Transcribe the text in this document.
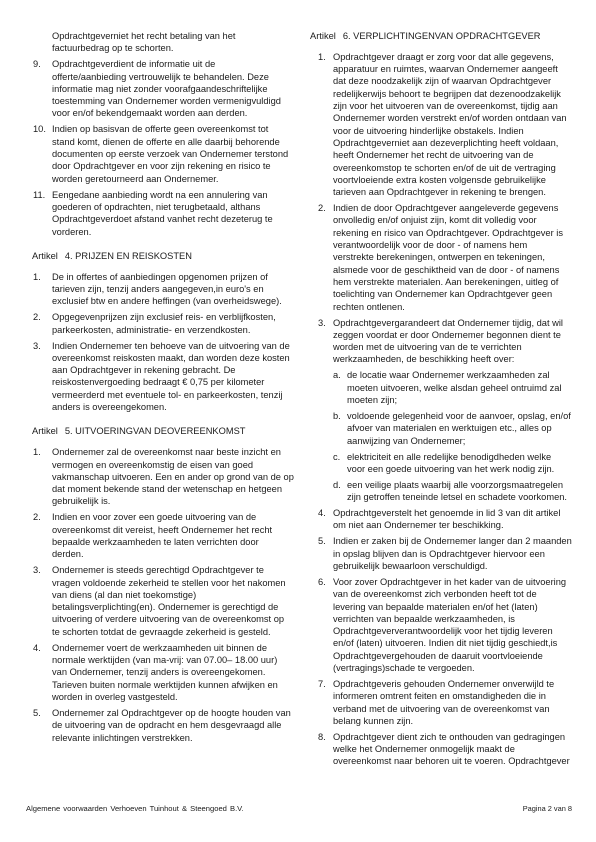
Opdrachtgeverniet het recht betaling van het
factuurbedrag op te schorten.
9.	Opdrachtgeverdient de informatie uit de
offerte/aanbieding vertrouwelijk te behandelen. Deze
informatie mag niet zonder voorafgaandeschriftelijke
toestemming van Ondernemer worden vermenigvuldigd
voor en/of bekendgemaakt worden aan derden.
10. Indien op basisvan de offerte geen overeenkomst tot
stand komt, dienen de offerte en alle daarbij behorende
documenten op eerste verzoek van Ondernemer terstond
door Opdrachtgever en voor zijn rekening en risico te
worden geretourneerd aan Ondernemer.
11. Eengedane aanbieding wordt na een annulering van
goederen of opdrachten, niet terugbetaald, althans
Opdrachtgeverdoet afstand vanhet recht dezeterug te
vorderen.
Artikel 4. PRIJZEN EN REISKOSTEN
1.	De in offertes of aanbiedingen opgenomen prijzen of
tarieven zijn, tenzij anders aangegeven,in euro's en
exclusief btw en andere heffingen (van overheidswege).
2.	Opgegevenprijzen zijn exclusief reis- en verblijfkosten,
parkeerkosten, administratie- en verzendkosten.
3.	Indien Ondernemer ten behoeve van de uitvoering van de
overeenkomst reiskosten maakt, dan worden deze kosten
aan Opdrachtgever in rekening gebracht. De
reiskostenvergoeding bedraagt € 0,75 per kilometer
vermeerderd met eventuele tol- en parkeerkosten, tenzij
anders is overeengekomen.
Artikel 5. UITVOERINGVAN DEOVEREENKOMST
1.	Ondernemer zal de overeenkomst naar beste inzicht en
vermogen en overeenkomstig de eisen van goed
vakmanschap uitvoeren. Een en ander op grond van de op
dat moment bekende stand der wetenschap en hetgeen
gebruikelijk is.
2.	Indien en voor zover een goede uitvoering van de
overeenkomst dit vereist, heeft Ondernemer het recht
bepaalde werkzaamheden te laten verrichten door
derden.
3.	Ondernemer is steeds gerechtigd Opdrachtgever te
vragen voldoende zekerheid te stellen voor het nakomen
van diens (al dan niet toekomstige)
betalingsverplichting(en). Ondernemer is gerechtigd de
uitvoering of verdere uitvoering van de overeenkomst op
te schorten totdat de gevraagde zekerheid is gesteld.
4.	Ondernemer voert de werkzaamheden uit binnen de
normale werktijden (van ma-vrij: van 07.00– 18.00 uur)
van Ondernemer, tenzij anders is overeengekomen.
Tarieven buiten normale werktijden kunnen afwijken en
worden in overleg vastgesteld.
5.	Ondernemer zal Opdrachtgever op de hoogte houden van
de uitvoering van de opdracht en hem desgevraagd alle
relevante inlichtingen verstrekken.
Artikel 6. VERPLICHTINGENVAN OPDRACHTGEVER
1. Opdrachtgever draagt er zorg voor dat alle gegevens,
apparatuur en ruimtes, waarvan Ondernemer aangeeft
dat deze noodzakelijk zijn of waarvan Opdrachtgever
redelijkerwijs behoort te begrijpen dat dezenoodzakelijk
zijn voor het uitvoeren van de overeenkomst, tijdig aan
Ondernemer worden verstrekt en/of worden ontdaan van
voor de uitvoering hinderlijke obstakels. Indien
Opdrachtgeverniet aan dezeverplichting heeft voldaan,
heeft Ondernemer het recht de uitvoering van de
overeenkomstop te schorten en/of de uit de vertraging
voortvloeiende extra kosten volgensde gebruikelijke
tarieven aan Opdrachtgever in rekening te brengen.
2. Indien de door Opdrachtgever aangeleverde gegevens
onvolledig en/of onjuist zijn, komt dit volledig voor
rekening en risico van Opdrachtgever. Opdrachtgever is
verantwoordelijk voor de door - of namens hem
verstrekte berekeningen, ontwerpen en tekeningen,
alsmede voor de geschiktheid van de door - of namens
hem verstrekte materialen. Aan berekeningen, uitleg of
toelichting van Ondernemer kan Opdrachtgever geen
rechten ontlenen.
3. Opdrachtgevergarandeert dat Ondernemer tijdig, dat wil
zeggen voordat er door Ondernemer begonnen dient te
worden met de uitvoering van de te verrichten
werkzaamheden, de beschikking heeft over:
a. de locatie waar Ondernemer werkzaamheden zal
moeten uitvoeren, welke alsdan geheel ontruimd zal
moeten zijn;
b. voldoende gelegenheid voor de aanvoer, opslag, en/of
afvoer van materialen en werktuigen etc., alles op
aanwijzing van Ondernemer;
c. elektriciteit en alle redelijke benodigdheden welke
voor een goede uitvoering van het werk nodig zijn.
d. een veilige plaats waarbij alle voorzorgsmaatregelen
zijn getroffen teneinde letsel en schadete voorkomen.
4. Opdrachtgeverstelt het genoemde in lid 3 van dit artikel
om niet aan Ondernemer ter beschikking.
5. Indien er zaken bij de Ondernemer langer dan 2 maanden
in opslag blijven dan is Opdrachtgever hiervoor een
gebruikelijk bewaarloon verschuldigd.
6. Voor zover Opdrachtgever in het kader van de uitvoering
van de overeenkomst zich verbonden heeft tot de
levering van bepaalde materialen en/of het (laten)
verrichten van bepaalde werkzaamheden, is
Opdrachtgeververantwoordelijk voor het tijdig leveren
en/of (laten) uitvoeren. Indien dit niet tijdig geschiedt,is
Opdrachtgevergehouden de daaruit voortvloeiende
(vertragings)schade te vergoeden.
7. Opdrachtgeveris gehouden Ondernemer onverwijld te
informeren omtrent feiten en omstandigheden die in
verband met de uitvoering van de overeenkomst van
belang kunnen zijn.
8. Opdrachtgever dient zich te onthouden van gedragingen
welke het Ondernemer onmogelijk maakt de
overeenkomst naar behoren uit te voeren. Opdrachtgever
Algemene voorwaarden Verhoeven Tuinhout & Steengoed B.V.	Pagina 2 van 8
